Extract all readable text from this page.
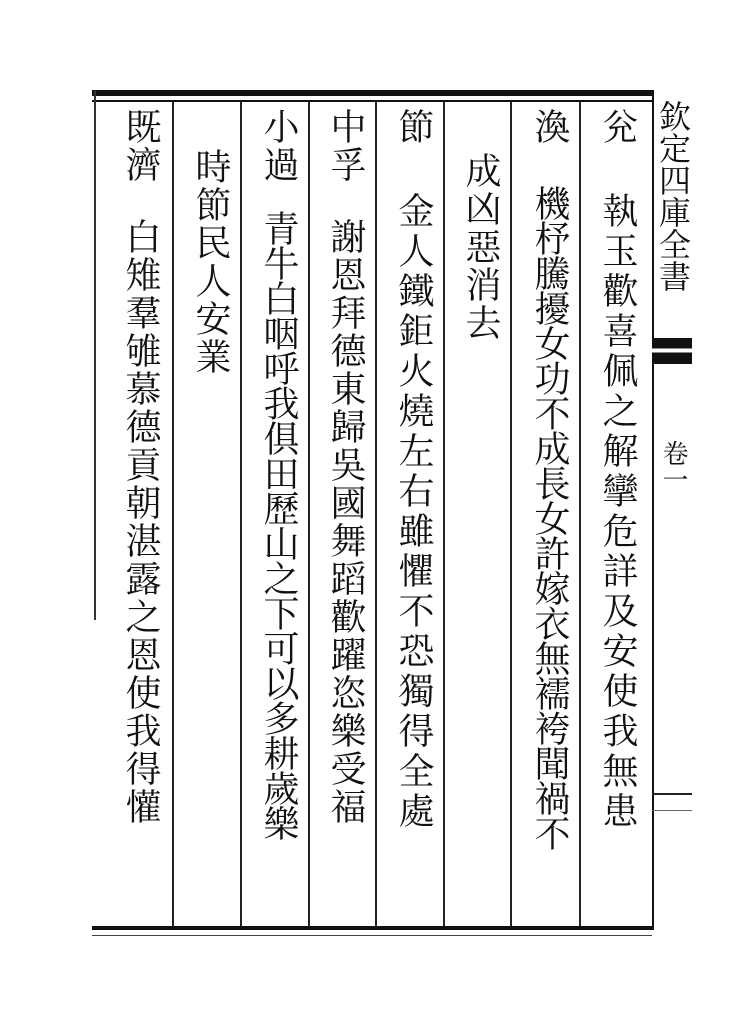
欽定四庫全書
卷一
兊
執玉歡喜佩之解攣危詳及安使我無患
渙
機杼騰擾女功不成長女許嫁衣無襦袴聞禍不
成凶惡消去
節
金人鐵鉅火燒左右雖懼不恐獨得全處
中孚
謝恩拜德東歸吳國舞蹈歡躍恣樂受福
小過
青牛白咽呼我俱田歷山之下可以多耕歲樂
時節民人安業
既濟
白雉羣雊慕德貢朝湛露之恩使我得懽
